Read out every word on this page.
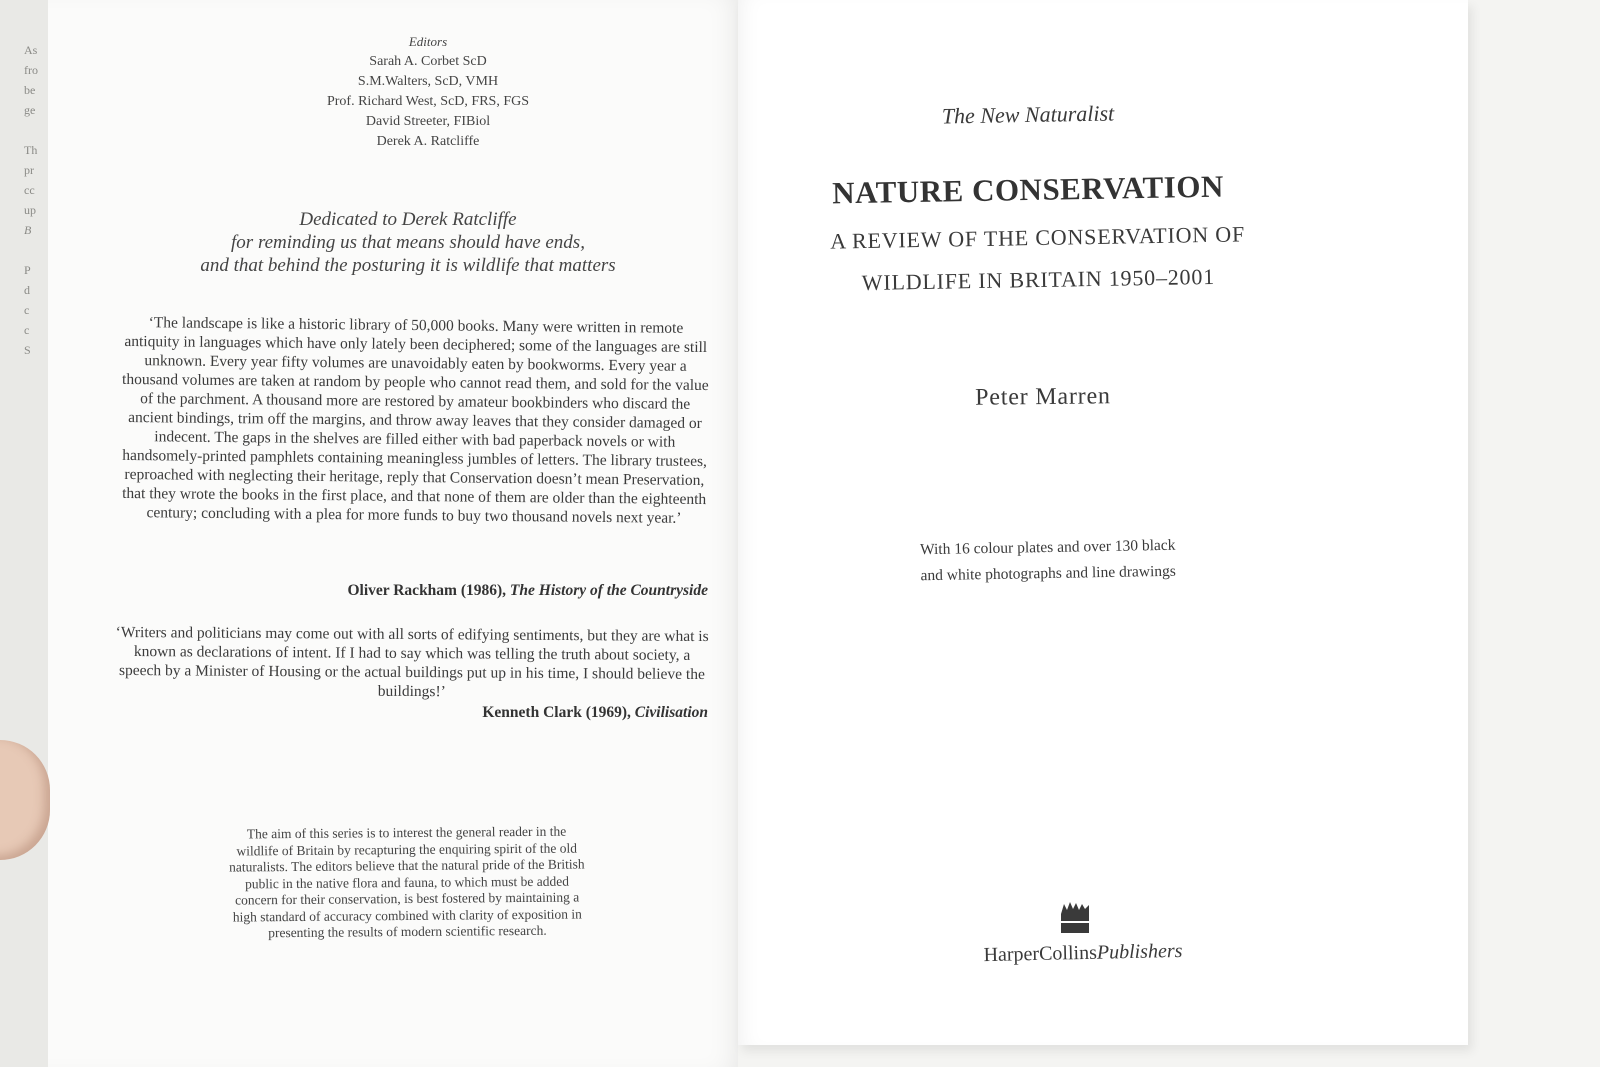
As
fro
be
ge

Th
pr
cc
up
B

P
d
c
c
S
Editors
Sarah A. Corbet ScD
S.M.Walters, ScD, VMH
Prof. Richard West, ScD, FRS, FGS
David Streeter, FIBiol
Derek A. Ratcliffe
Dedicated to Derek Ratcliffe
for reminding us that means should have ends,
and that behind the posturing it is wildlife that matters
‘The landscape is like a historic library of 50,000 books. Many were written in remote antiquity in languages which have only lately been deciphered; some of the languages are still unknown. Every year fifty volumes are unavoidably eaten by bookworms. Every year a thousand volumes are taken at random by people who cannot read them, and sold for the value of the parchment. A thousand more are restored by amateur bookbinders who discard the ancient bindings, trim off the margins, and throw away leaves that they consider damaged or indecent. The gaps in the shelves are filled either with bad paperback novels or with handsomely-printed pamphlets containing meaningless jumbles of letters. The library trustees, reproached with neglecting their heritage, reply that Conservation doesn’t mean Preservation, that they wrote the books in the first place, and that none of them are older than the eighteenth century; concluding with a plea for more funds to buy two thousand novels next year.’
Oliver Rackham (1986), The History of the Countryside
‘Writers and politicians may come out with all sorts of edifying sentiments, but they are what is known as declarations of intent. If I had to say which was telling the truth about society, a speech by a Minister of Housing or the actual buildings put up in his time, I should believe the buildings!’
Kenneth Clark (1969), Civilisation
The aim of this series is to interest the general reader in the wildlife of Britain by recapturing the enquiring spirit of the old naturalists. The editors believe that the natural pride of the British public in the native flora and fauna, to which must be added concern for their conservation, is best fostered by maintaining a high standard of accuracy combined with clarity of exposition in presenting the results of modern scientific research.
The New Naturalist
NATURE CONSERVATION
A REVIEW OF THE CONSERVATION OF
WILDLIFE IN BRITAIN 1950–2001
Peter Marren
With 16 colour plates and over 130 black
and white photographs and line drawings
HarperCollinsPublishers
